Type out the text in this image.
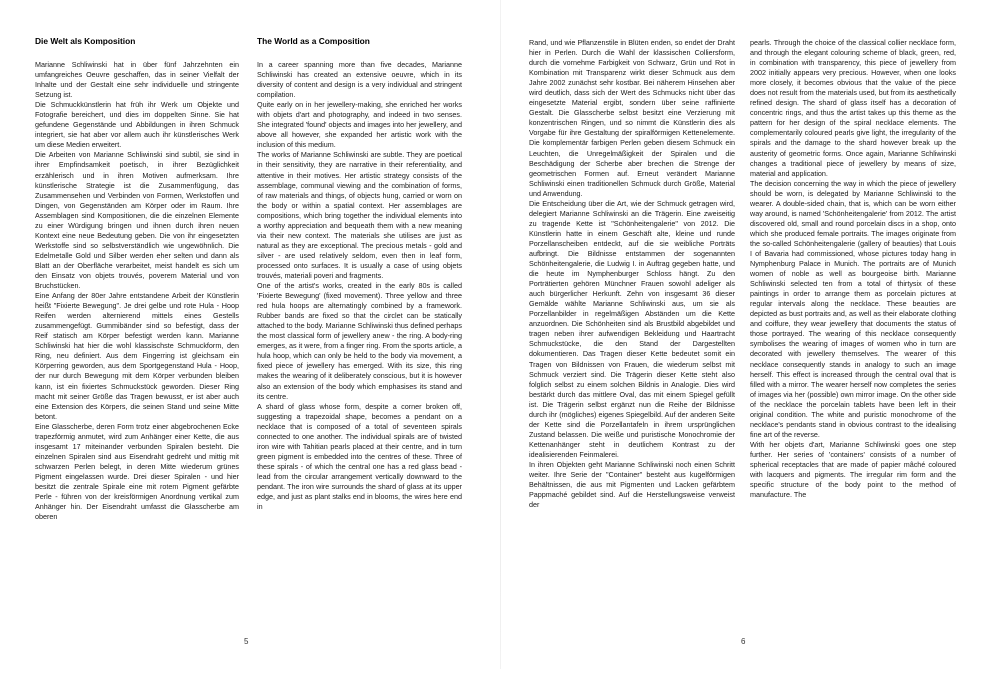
Die Welt als Komposition

Marianne Schliwinski hat in über fünf Jahrzehnten ein umfangreiches Oeuvre geschaffen, das in seiner Vielfalt der Inhalte und der Gestalt eine sehr individuelle und stringente Setzung ist.

Die Schmuckkünstlerin hat früh ihr Werk um Objekte und Fotografie bereichert, und dies im doppelten Sinne. Sie hat gefundene Gegenstände und Abbildungen in ihren Schmuck integriert, sie hat aber vor allem auch ihr künstlerisches Werk um diese Medien erweitert.

Die Arbeiten von Marianne Schliwinski sind subtil, sie sind in ihrer Empfindsamkeit poetisch, in ihrer Bezüglichkeit erzählerisch und in ihren Motiven aufmerksam. Ihre künstlerische Strategie ist die Zusammenfügung, das Zusammensehen und Verbinden von Formen, Werkstoffen und Dingen, von Gegenständen am Körper oder im Raum. Ihre Assemblagen sind Kompositionen, die die einzelnen Elemente zu einer Würdigung bringen und ihnen durch ihren neuen Kontext eine neue Bedeutung geben. Die von ihr eingesetzten Werkstoffe sind so selbstverständlich wie ungewöhnlich. Die Edelmetalle Gold und Silber werden eher selten und dann als Blatt an der Oberfläche verarbeitet, meist handelt es sich um den Einsatz von objets trouvés, poverem Material und von Bruchstücken.

Eine Anfang der 80er Jahre entstandene Arbeit der Künstlerin heißt "Fixierte Bewegung". Je drei gelbe und rote Hula - Hoop Reifen werden alternierend mittels eines Gestells zusammengefügt. Gummibänder sind so befestigt, dass der Reif statisch am Körper befestigt werden kann. Marianne Schliwinski hat hier die wohl klassischste Schmuckform, den Ring, neu definiert. Aus dem Fingerring ist gleichsam ein Körperring geworden, aus dem Sportgegenstand Hula - Hoop, der nur durch Bewegung mit dem Körper verbunden bleiben kann, ist ein fixiertes Schmuckstück geworden. Dieser Ring macht mit seiner Größe das Tragen bewusst, er ist aber auch eine Extension des Körpers, die seinen Stand und seine Mitte betont.

Eine Glasscherbe, deren Form trotz einer abgebrochenen Ecke trapezförmig anmutet, wird zum Anhänger einer Kette, die aus insgesamt 17 miteinander verbunden Spiralen besteht. Die einzelnen Spiralen sind aus Eisendraht gedreht und mittig mit schwarzen Perlen belegt, in deren Mitte wiederum grünes Pigment eingelassen wurde. Drei dieser Spiralen - und hier besitzt die zentrale Spirale eine mit rotem Pigment gefärbte Perle - führen von der kreisförmigen Anordnung vertikal zum Anhänger hin. Der Eisendraht umfasst die Glasscherbe am oberen

The World as a Composition

In a career spanning more than five decades, Marianne Schliwinski has created an extensive oeuvre, which in its diversity of content and design is a very individual and stringent compilation.

Quite early on in her jewellery-making, she enriched her works with objets d'art and photography, and indeed in two senses. She integrated 'found' objects and images into her jewellery, and above all however, she expanded her artistic work with the inclusion of this medium.

The works of Marianne Schliwinski are subtle. They are poetical in their sensitivity, they are narrative in their referentiality, and attentive in their motives. Her artistic strategy consists of the assemblage, communal viewing and the combination of forms, of raw materials and things, of objects hung, carried or worn on the body or within a spatial context. Her assemblages are compositions, which bring together the individual elements into a worthy appreciation and bequeath them with a new meaning via their new context. The materials she utilises are just as natural as they are exceptional. The precious metals - gold and silver - are used relatively seldom, even then in leaf form, processed onto surfaces. It is usually a case of using objets trouvés, materiali poveri and fragments.

One of the artist's works, created in the early 80s is called 'Fixierte Bewegung' (fixed movement). Three yellow and three red hula hoops are alternatingly combined by a framework. Rubber bands are fixed so that the circlet can be statically attached to the body. Marianne Schliwinski thus defined perhaps the most classical form of jewellery anew - the ring. A body-ring emerges, as it were, from a finger ring. From the sports article, a hula hoop, which can only be held to the body via movement, a fixed piece of jewellery has emerged. With its size, this ring makes the wearing of it deliberately conscious, but it is however also an extension of the body which emphasises its stand and its centre.

A shard of glass whose form, despite a corner broken off, suggesting a trapezoidal shape, becomes a pendant on a necklace that is composed of a total of seventeen spirals connected to one another. The individual spirals are of twisted iron wire with Tahitian pearls placed at their centre, and in turn green pigment is embedded into the centres of these. Three of these spirals - of which the central one has a red glass bead - lead from the circular arrangement vertically downward to the pendant. The iron wire surrounds the shard of glass at its upper edge, and just as plant stalks end in blooms, the wires here end in

5

Rand, und wie Pflanzenstile in Blüten enden, so endet der Draht hier in Perlen. Durch die Wahl der klassischen Colliersform, durch die vornehme Farbigkeit von Schwarz, Grün und Rot in Kombination mit Transparenz wirkt dieser Schmuck aus dem Jahre 2002 zunächst sehr kostbar. Bei näherem Hinsehen aber wird deutlich, dass sich der Wert des Schmucks nicht über das eingesetzte Material ergibt, sondern über seine raffinierte Gestalt. Die Glasscherbe selbst besitzt eine Verzierung mit konzentrischen Ringen, und so nimmt die Künstlerin dies als Vorgabe für ihre Gestaltung der spiralförmigen Kettenelemente. Die komplementär farbigen Perlen geben diesem Schmuck ein Leuchten, die Unregelmäßigkeit der Spiralen und die Beschädigung der Scherbe aber brechen die Strenge der geometrischen Formen auf. Erneut verändert Marianne Schliwinski einen traditionellen Schmuck durch Größe, Material und Anwendung.

Die Entscheidung über die Art, wie der Schmuck getragen wird, delegiert Marianne Schliwinski an die Trägerin. Eine zweiseitig zu tragende Kette ist "Schönheitengalerie" von 2012. Die Künstlerin hatte in einem Geschäft alte, kleine und runde Porzellanscheiben entdeckt, auf die sie weibliche Porträts aufbringt. Die Bildnisse entstammen der sogenannten Schönheitengalerie, die Ludwig I. in Auftrag gegeben hatte, und die heute im Nymphenburger Schloss hängt. Zu den Porträtierten gehören Münchner Frauen sowohl adeliger als auch bürgerlicher Herkunft. Zehn von insgesamt 36 dieser Gemälde wählte Marianne Schliwinski aus, um sie als Porzellanbilder in regelmäßigen Abständen um die Kette anzuordnen. Die Schönheiten sind als Brustbild abgebildet und tragen neben ihrer aufwendigen Bekleidung und Haartracht Schmuckstücke, die den Stand der Dargestellten dokumentieren. Das Tragen dieser Kette bedeutet somit ein Tragen von Bildnissen von Frauen, die wiederum selbst mit Schmuck verziert sind. Die Trägerin dieser Kette steht also folglich selbst zu einem solchen Bildnis in Analogie. Dies wird bestärkt durch das mittlere Oval, das mit einem Spiegel gefüllt ist. Die Trägerin selbst ergänzt nun die Reihe der Bildnisse durch ihr (mögliches) eigenes Spiegelbild. Auf der anderen Seite der Kette sind die Porzellantafeln in ihrem ursprünglichen Zustand belassen. Die weiße und puristische Monochromie der Kettenanhänger steht in deutlichem Kontrast zu der idealisierenden Feinmalerei.

In ihren Objekten geht Marianne Schliwinski noch einen Schritt weiter. Ihre Serie der "Container" besteht aus kugelförmigen Behältnissen, die aus mit Pigmenten und Lacken gefärbtem Pappmaché gebildet sind. Auf die Herstellungsweise verweist der

pearls. Through the choice of the classical collier necklace form, and through the elegant colouring scheme of black, green, red, in combination with transparency, this piece of jewellery from 2002 initially appears very precious. However, when one looks more closely, it becomes obvious that the value of the piece does not result from the materials used, but from its aesthetically refined design. The shard of glass itself has a decoration of concentric rings, and thus the artist takes up this theme as the pattern for her design of the spiral necklace elements. The complementarily coloured pearls give light, the irregularity of the spirals and the damage to the shard however break up the austerity of geometric forms. Once again, Marianne Schliwinski changes a traditional piece of jewellery by means of size, material and application.

The decision concerning the way in which the piece of jewellery should be worn, is delegated by Marianne Schliwinski to the wearer. A double-sided chain, that is, which can be worn either way around, is named 'Schönheitengalerie' from 2012. The artist discovered old, small and round porcelain discs in a shop, onto which she produced female portraits. The images originate from the so-called Schönheitengalerie (gallery of beauties) that Louis I of Bavaria had commissioned, whose pictures today hang in Nymphenburg Palace in Munich. The portraits are of Munich women of noble as well as bourgeoise birth. Marianne Schliwinski selected ten from a total of thirtysix of these paintings in order to arrange them as porcelain pictures at regular intervals along the necklace. These beauties are depicted as bust portraits and, as well as their elaborate clothing and coiffure, they wear jewellery that documents the status of those portrayed. The wearing of this necklace consequently symbolises the wearing of images of women who in turn are decorated with jewellery themselves. The wearer of this necklace consequently stands in analogy to such an image herself. This effect is increased through the central oval that is filled with a mirror. The wearer herself now completes the series of images via her (possible) own mirror image. On the other side of the necklace the porcelain tablets have been left in their original condition. The white and puristic monochrome of the necklace's pendants stand in obvious contrast to the idealising fine art of the reverse.

With her objets d'art, Marianne Schliwinski goes one step further. Her series of 'containers' consists of a number of spherical receptacles that are made of papier mâché coloured with lacquers and pigments. The irregular rim form and the specific structure of the body point to the method of manufacture. The

6
